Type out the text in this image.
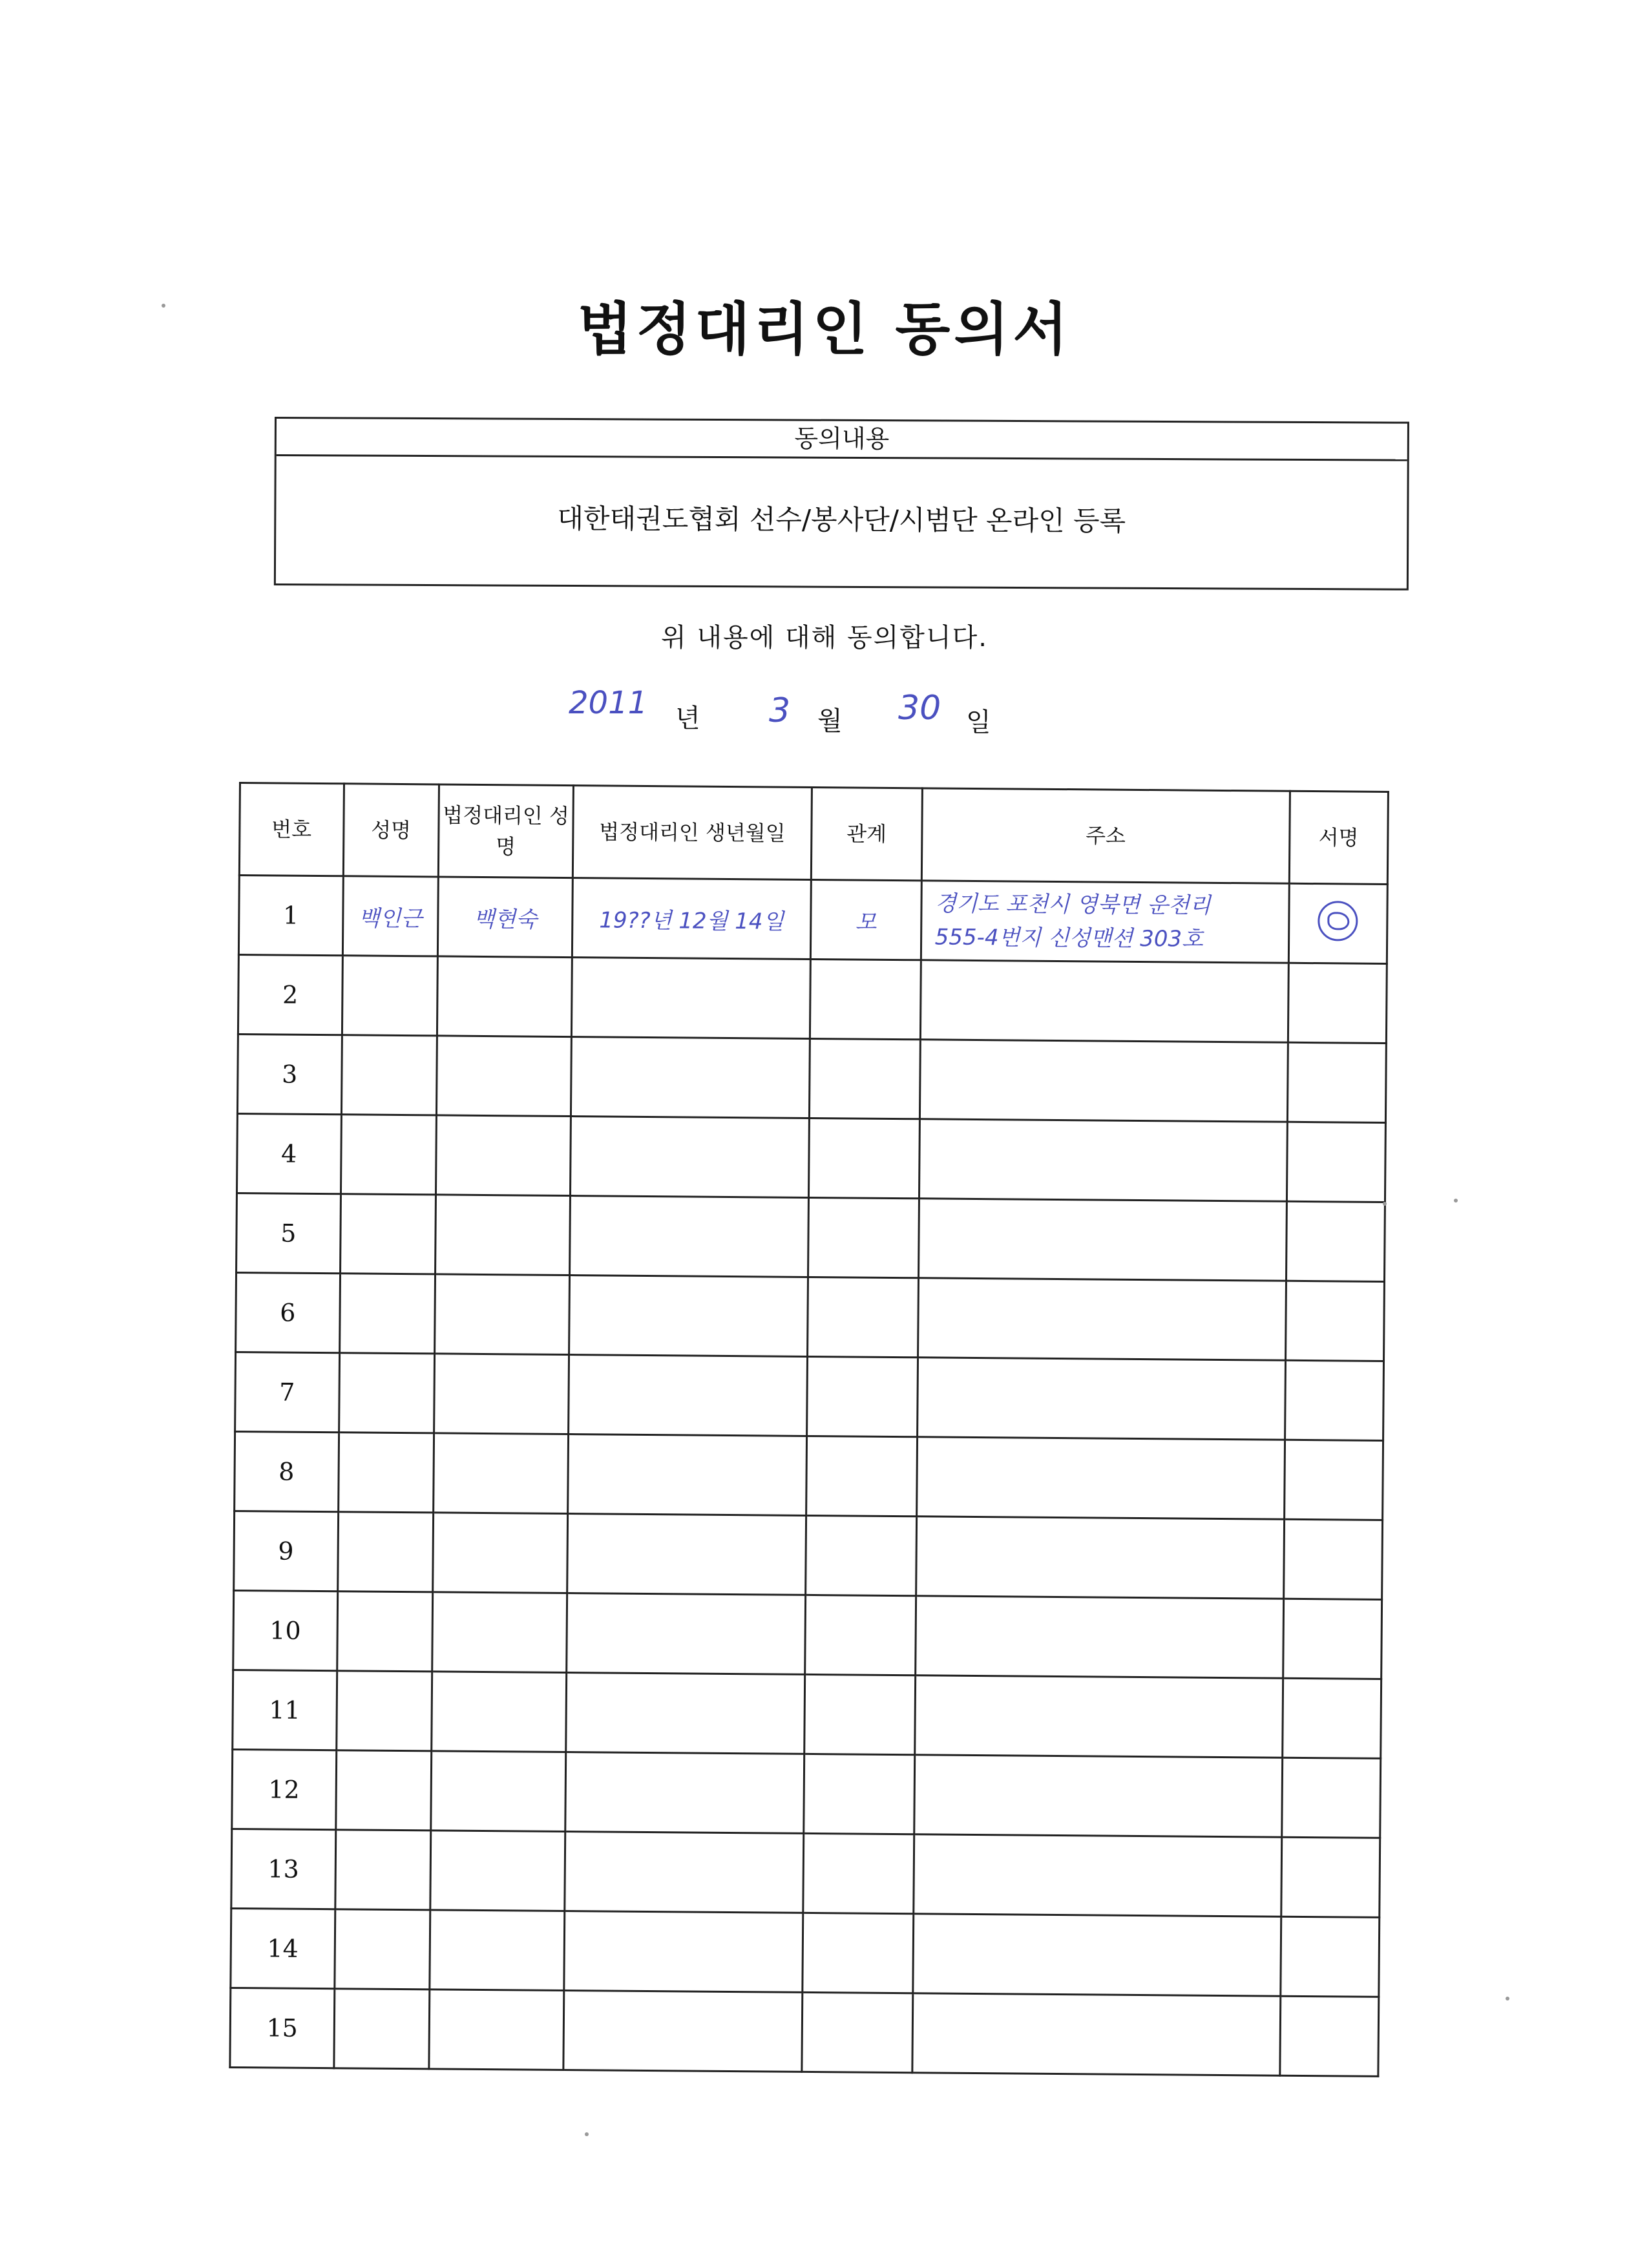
법정대리인 동의서
동의내용
대한태권도협회 선수/봉사단/시범단 온라인 등록
위 내용에 대해 동의합니다.
2011 년 3 월 30 일
번호	성명	법정대리인 성명	법정대리인 생년월일	관계	주소	서명
1	백인근	백현숙	19??년 12월 14일	모	경기도 포천시 영북면 운천리
555-4번지 신성맨션 303호	

2						
3						
4						
5						
6						
7						
8						
9						
10						
11						
12						
13						
14						
15						
